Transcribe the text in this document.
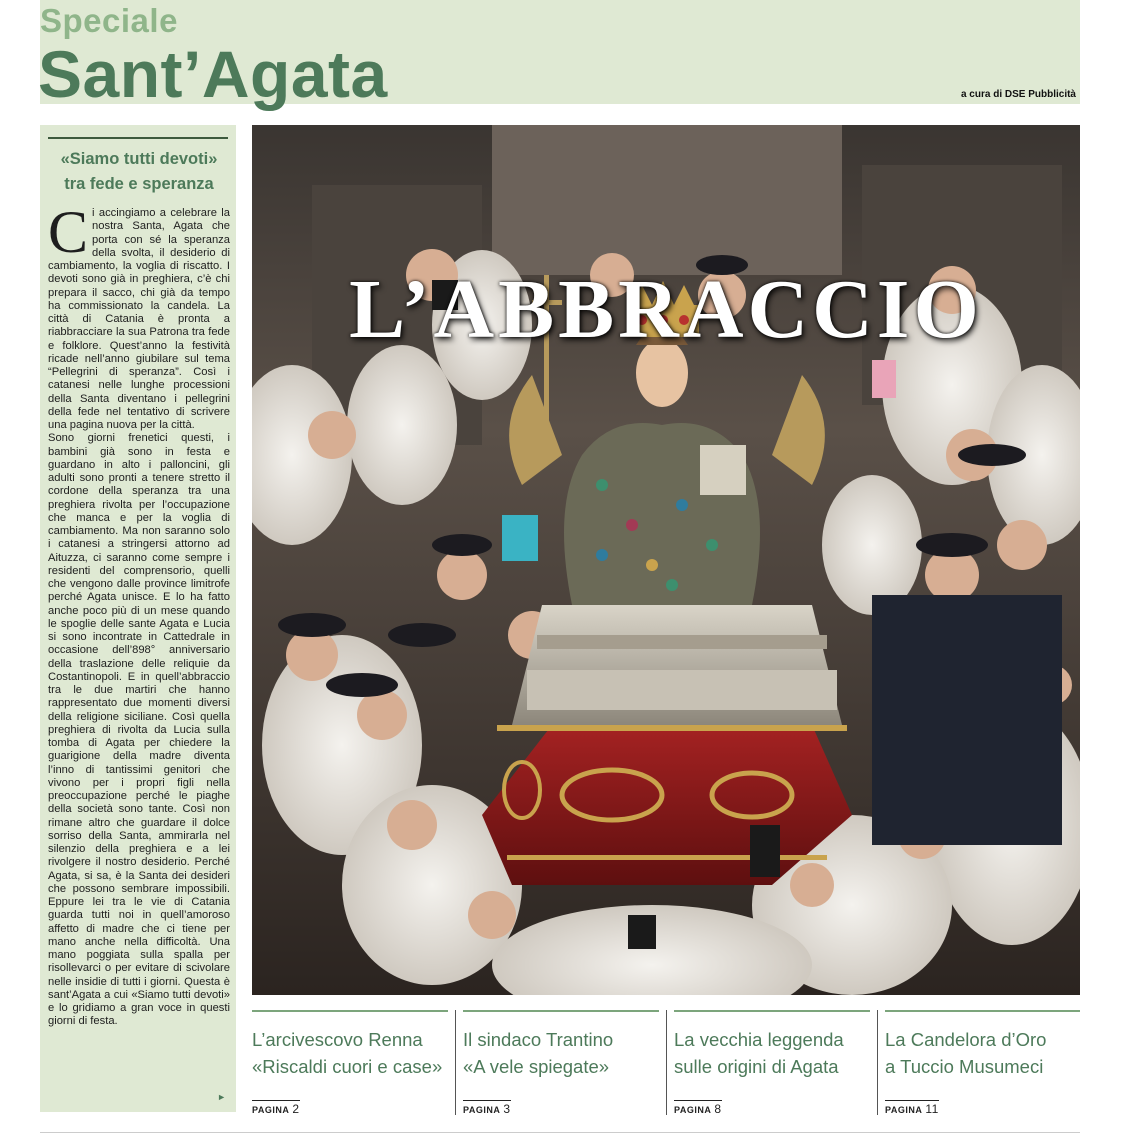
Speciale
Sant’Agata	a cura di DSE Pubblicità
«Siamo tutti devoti»
tra fede e speranza

Ci accingiamo a celebrare la nostra Santa, Agata che porta con sé la speranza della svolta, il desiderio di cambiamento, la voglia di riscatto. I devoti sono già in preghiera, c’è chi prepara il sacco, chi già da tempo ha commissionato la candela. La città di Catania è pronta a riabbracciare la sua Patrona tra fede e folklore. Quest’anno la festività ricade nell’anno giubilare sul tema “Pellegrini di speranza”. Così i catanesi nelle lunghe processioni della Santa diventano i pellegrini della fede nel tentativo di scrivere una pagina nuova per la città.

Sono giorni frenetici questi, i bambini già sono in festa e guardano in alto i palloncini, gli adulti sono pronti a tenere stretto il cordone della speranza tra una preghiera rivolta per l’occupazione che manca e per la voglia di cambiamento. Ma non saranno solo i catanesi a stringersi attorno ad Aituzza, ci saranno come sempre i residenti del comprensorio, quelli che vengono dalle province limitrofe perché Agata unisce. E lo ha fatto anche poco più di un mese quando le spoglie delle sante Agata e Lucia si sono incontrate in Cattedrale in occasione dell’898° anniversario della traslazione delle reliquie da Costantinopoli. E in quell’abbraccio tra le due martiri che hanno rappresentato due momenti diversi della religione siciliane. Così quella preghiera di rivolta da Lucia sulla tomba di Agata per chiedere la guarigione della madre diventa l’inno di tantissimi genitori che vivono per i propri figli nella preoccupazione perché le piaghe della società sono tante. Così non rimane altro che guardare il dolce sorriso della Santa, ammirarla nel silenzio della preghiera e a lei rivolgere il nostro desiderio. Perché Agata, si sa, è la Santa dei desideri che possono sembrare impossibili. Eppure lei tra le vie di Catania guarda tutti noi in quell’amoroso affetto di madre che ci tiene per mano anche nella difficoltà. Una mano poggiata sulla spalla per risollevarci o per evitare di scivolare nelle insidie di tutti i giorni. Questa è sant’Agata a cui «Siamo tutti devoti» e lo gridiamo a gran voce in questi giorni di festa.

►
L’ABBRACCIO
L’arcivescovo Renna
«Riscaldi cuori e case»
PAGINA 2
Il sindaco Trantino
«A vele spiegate»
PAGINA 3
La vecchia leggenda
sulle origini di Agata
PAGINA 8
La Candelora d’Oro
a Tuccio Musumeci
PAGINA 11
